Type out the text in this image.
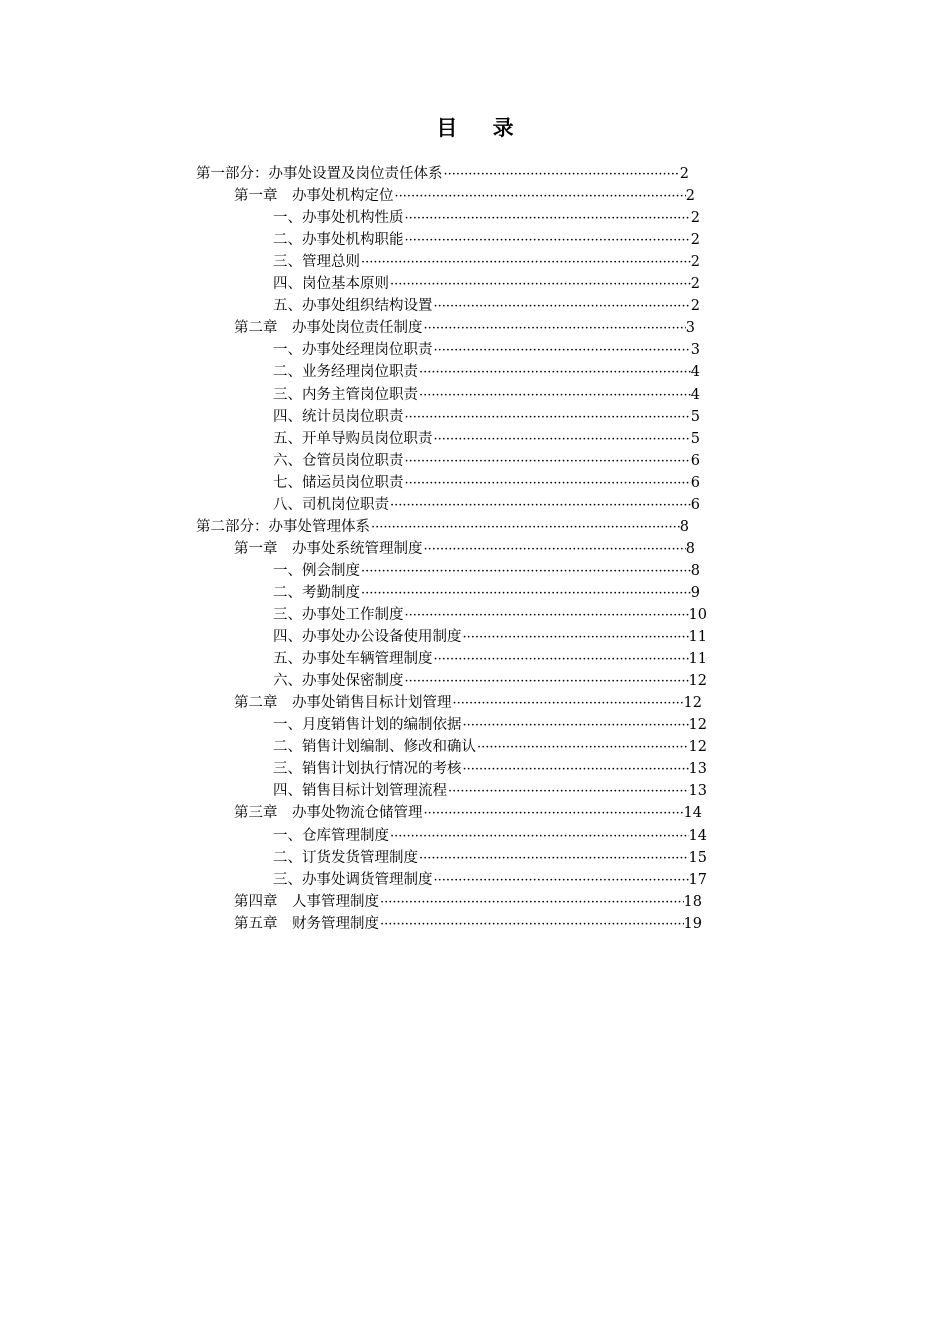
目 录
第一部分：办事处设置及岗位责任体系 ·····	2
第一章　办事处机构定位 ·····	2
一、办事处机构性质 ·····	2
二、办事处机构职能 ·····	2
三、管理总则 ·····	2
四、岗位基本原则 ·····	2
五、办事处组织结构设置 ·····	2
第二章　办事处岗位责任制度 ·····	3
一、办事处经理岗位职责 ·····	3
二、业务经理岗位职责 ·····	4
三、内务主管岗位职责 ·····	4
四、统计员岗位职责 ·····	5
五、开单导购员岗位职责 ·····	5
六、仓管员岗位职责 ·····	6
七、储运员岗位职责 ·····	6
八、司机岗位职责 ·····	6
第二部分：办事处管理体系 ·····	8
第一章　办事处系统管理制度 ·····	8
一、例会制度 ·····	8
二、考勤制度 ·····	9
三、办事处工作制度 ·····	10
四、办事处办公设备使用制度 ·····	11
五、办事处车辆管理制度 ·····	11
六、办事处保密制度 ·····	12
第二章　办事处销售目标计划管理 ·····	12
一、月度销售计划的编制依据 ·····	12
二、销售计划编制、修改和确认 ·····	12
三、销售计划执行情况的考核 ·····	13
四、销售目标计划管理流程 ·····	13
第三章　办事处物流仓储管理 ·····	14
一、仓库管理制度 ·····	14
二、订货发货管理制度 ·····	15
三、办事处调货管理制度 ·····	17
第四章　人事管理制度 ·····	18
第五章　财务管理制度 ·····	19
